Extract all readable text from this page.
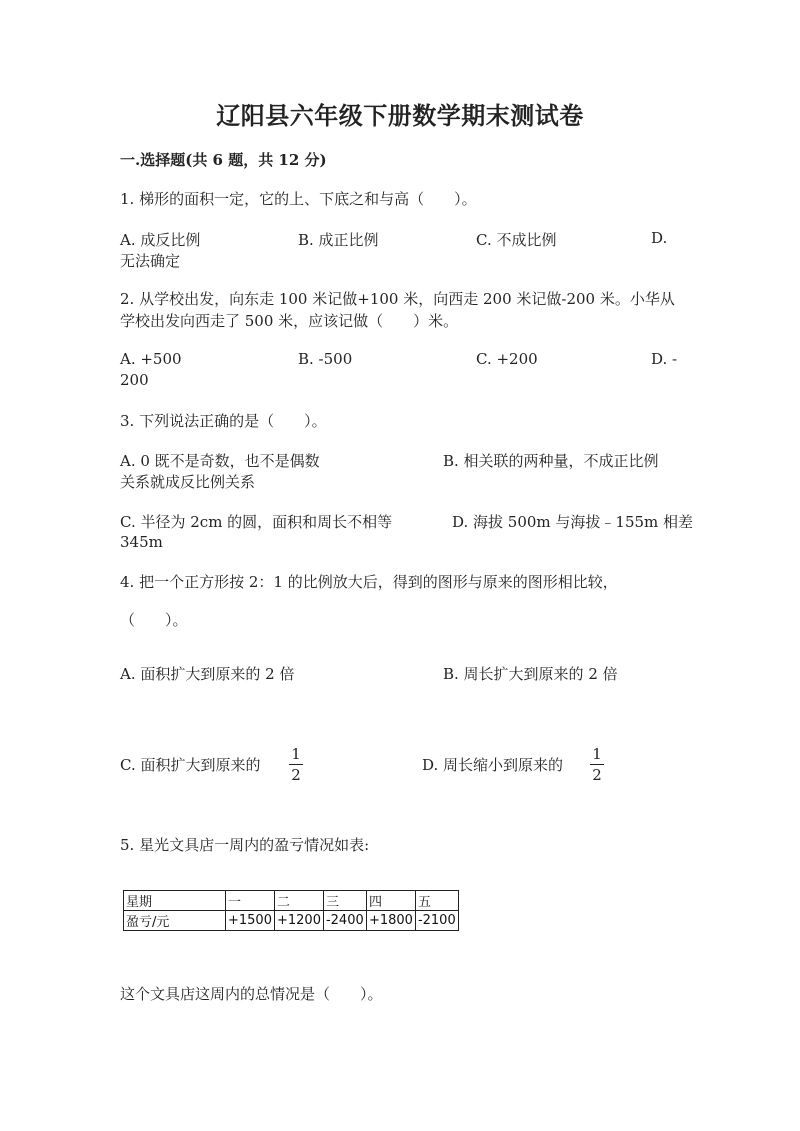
辽阳县六年级下册数学期末测试卷
一.选择题(共 6 题，共 12 分)
1. 梯形的面积一定，它的上、下底之和与高（　　）。
A. 成反比例	B. 成正比例	C. 不成比例	D.
无法确定
2. 从学校出发，向东走 100 米记做+100 米，向西走 200 米记做-200 米。小华从
学校出发向西走了 500 米，应该记做（　　）米。
A. +500	B. -500	C. +200	D. -
200
3. 下列说法正确的是（　　）。
A. 0 既不是奇数，也不是偶数	B. 相关联的两种量，不成正比例
关系就成反比例关系
C. 半径为 2cm 的圆，面积和周长不相等	D. 海拔 500m 与海拔﹣155m 相差
345m
4. 把一个正方形按 2：1 的比例放大后，得到的图形与原来的图形相比较，
（　　）。
A. 面积扩大到原来的 2 倍	B. 周长扩大到原来的 2 倍
C. 面积扩大到原来的
1
2
D. 周长缩小到原来的
1
2
5. 星光文具店一周内的盈亏情况如表:
星期	一	二	三	四	五
盈亏/元	+1500	+1200	-2400	+1800	-2100
这个文具店这周内的总情况是（　　）。
